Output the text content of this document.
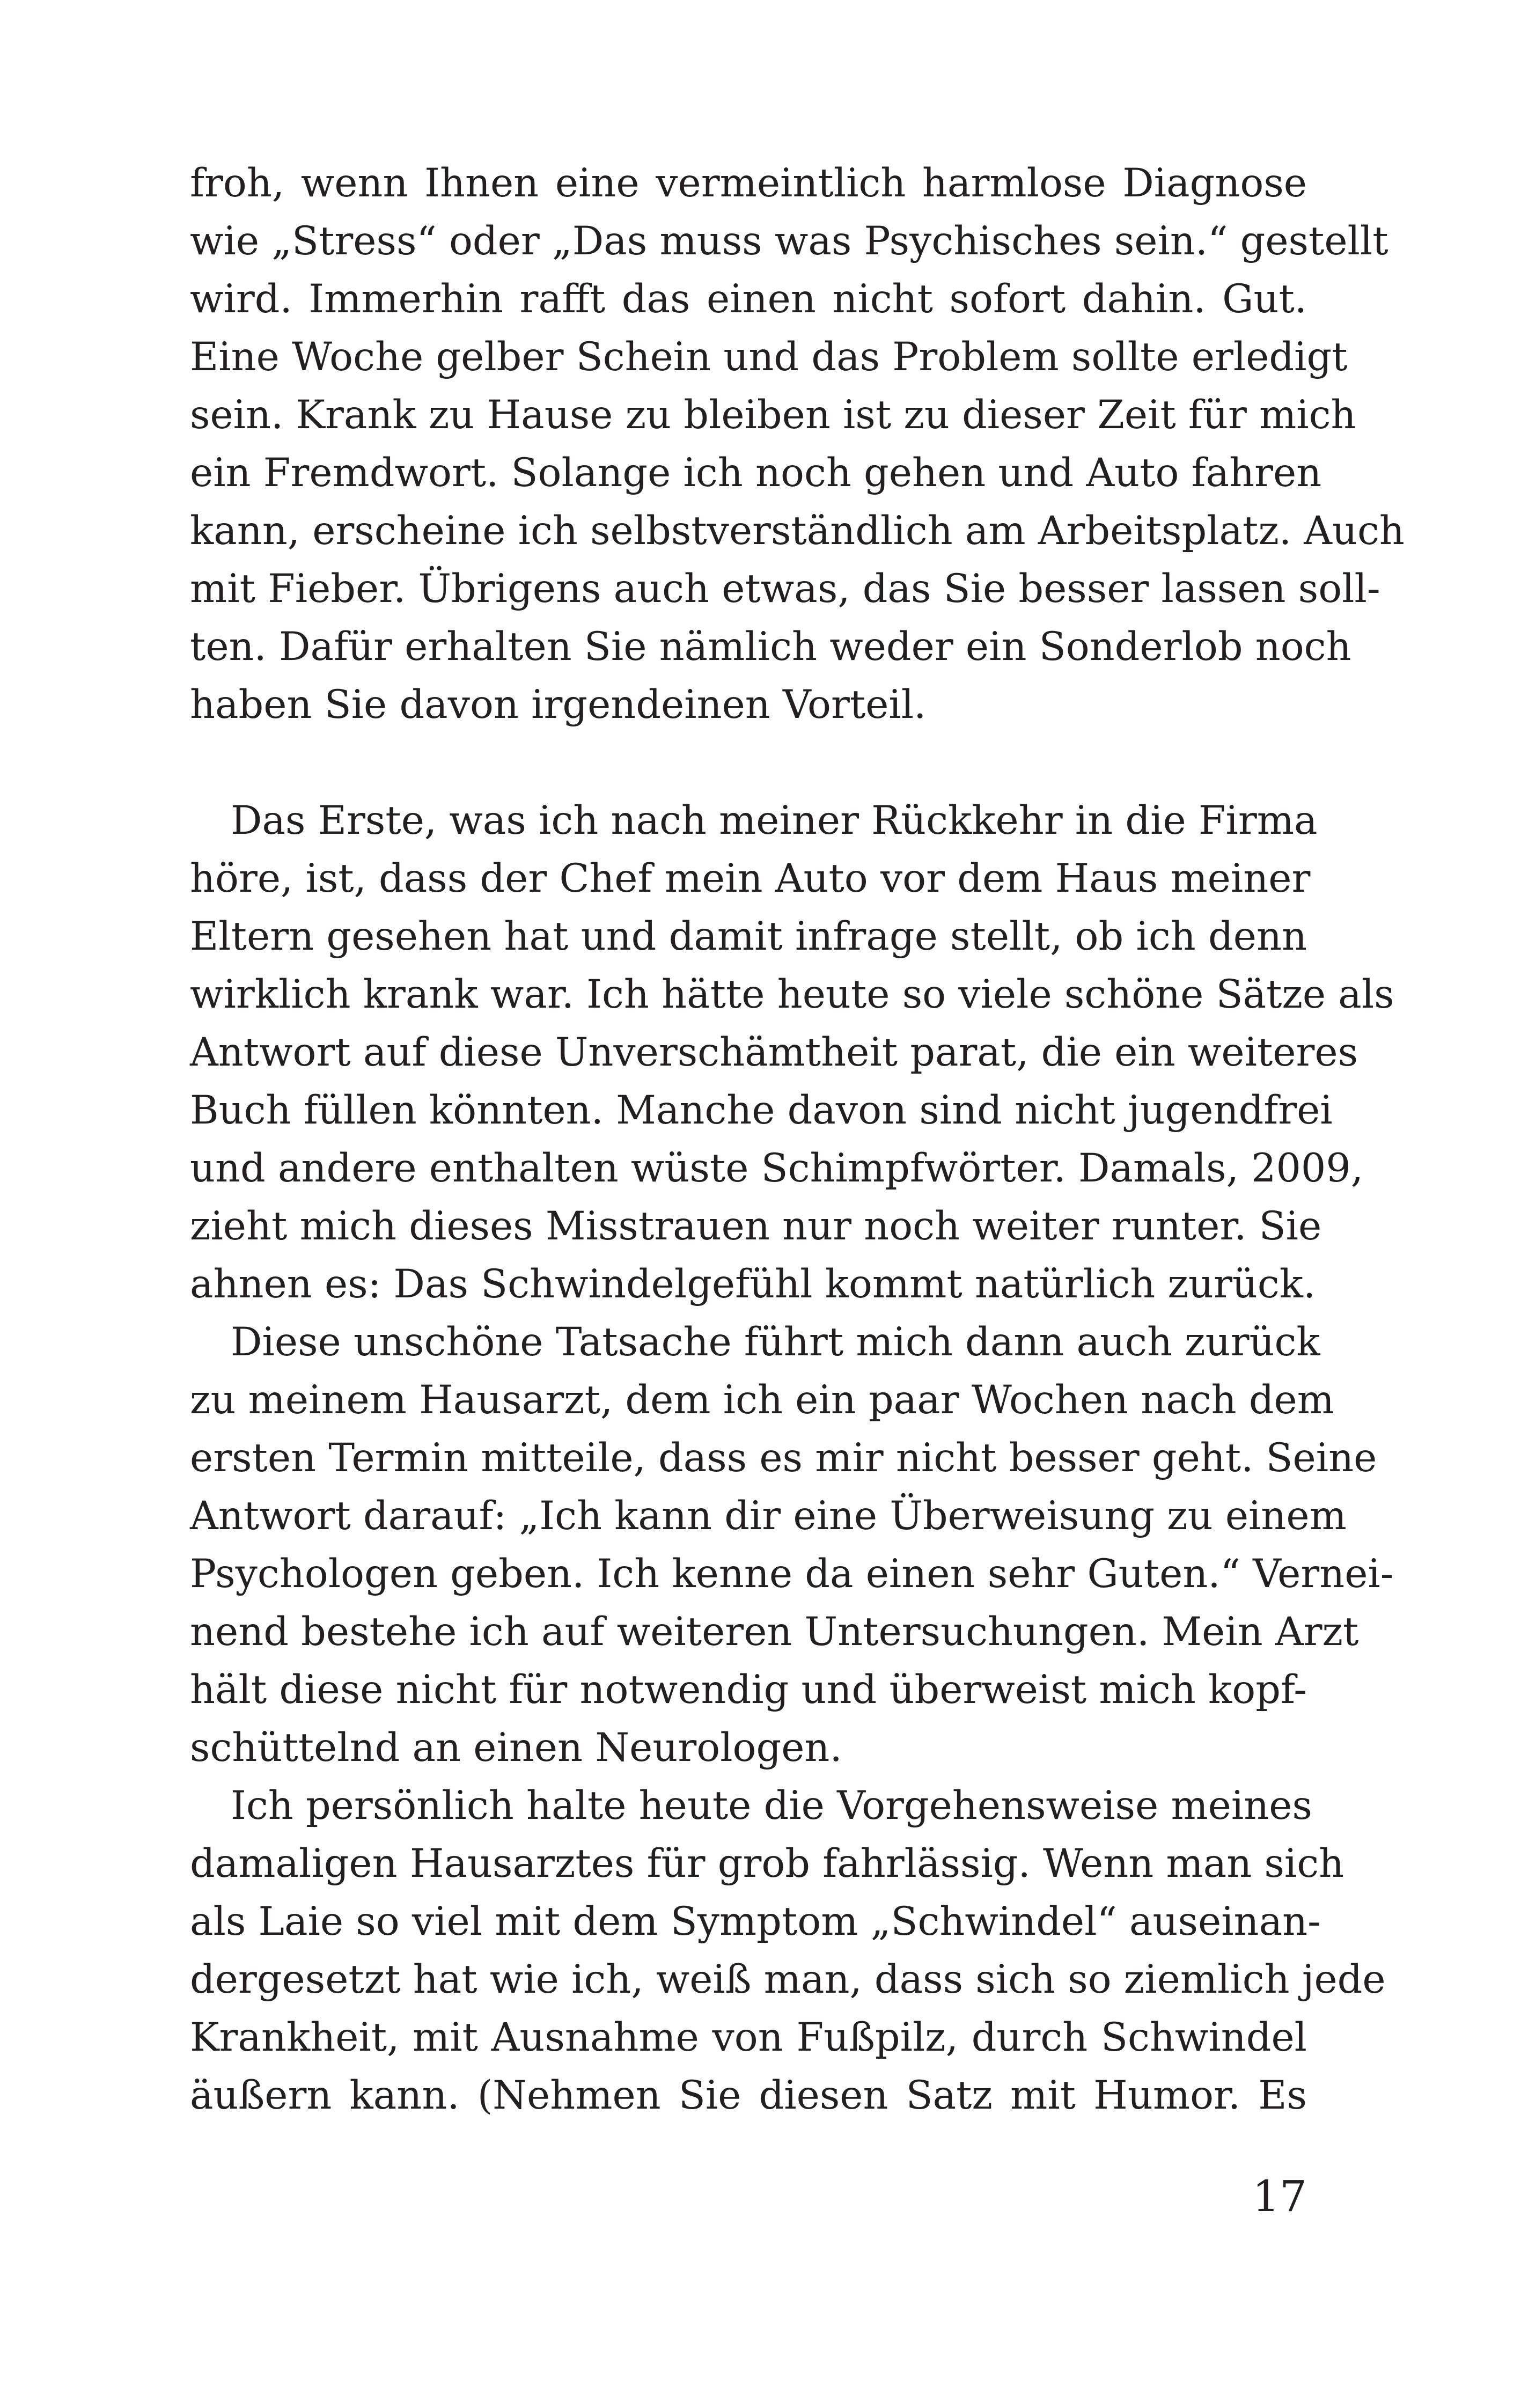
froh, wenn Ihnen eine vermeintlich harmlose Diagnose
wie „Stress“ oder „Das muss was Psychisches sein.“ gestellt
wird. Immerhin rafft das einen nicht sofort dahin. Gut.
Eine Woche gelber Schein und das Problem sollte erledigt
sein. Krank zu Hause zu bleiben ist zu dieser Zeit für mich
ein Fremdwort. Solange ich noch gehen und Auto fahren
kann, erscheine ich selbstverständlich am Arbeitsplatz. Auch
mit Fieber. Übrigens auch etwas, das Sie besser lassen soll-
ten. Dafür erhalten Sie nämlich weder ein Sonderlob noch
haben Sie davon irgendeinen Vorteil.
Das Erste, was ich nach meiner Rückkehr in die Firma
höre, ist, dass der Chef mein Auto vor dem Haus meiner
Eltern gesehen hat und damit infrage stellt, ob ich denn
wirklich krank war. Ich hätte heute so viele schöne Sätze als
Antwort auf diese Unverschämtheit parat, die ein weiteres
Buch füllen könnten. Manche davon sind nicht jugendfrei
und andere enthalten wüste Schimpfwörter. Damals, 2009,
zieht mich dieses Misstrauen nur noch weiter runter. Sie
ahnen es: Das Schwindelgefühl kommt natürlich zurück.
Diese unschöne Tatsache führt mich dann auch zurück
zu meinem Hausarzt, dem ich ein paar Wochen nach dem
ersten Termin mitteile, dass es mir nicht besser geht. Seine
Antwort darauf: „Ich kann dir eine Überweisung zu einem
Psychologen geben. Ich kenne da einen sehr Guten.“ Vernei-
nend bestehe ich auf weiteren Untersuchungen. Mein Arzt
hält diese nicht für notwendig und überweist mich kopf-
schüttelnd an einen Neurologen.
Ich persönlich halte heute die Vorgehensweise meines
damaligen Hausarztes für grob fahrlässig. Wenn man sich
als Laie so viel mit dem Symptom „Schwindel“ auseinan-
dergesetzt hat wie ich, weiß man, dass sich so ziemlich jede
Krankheit, mit Ausnahme von Fußpilz, durch Schwindel
äußern kann. (Nehmen Sie diesen Satz mit Humor. Es
17
